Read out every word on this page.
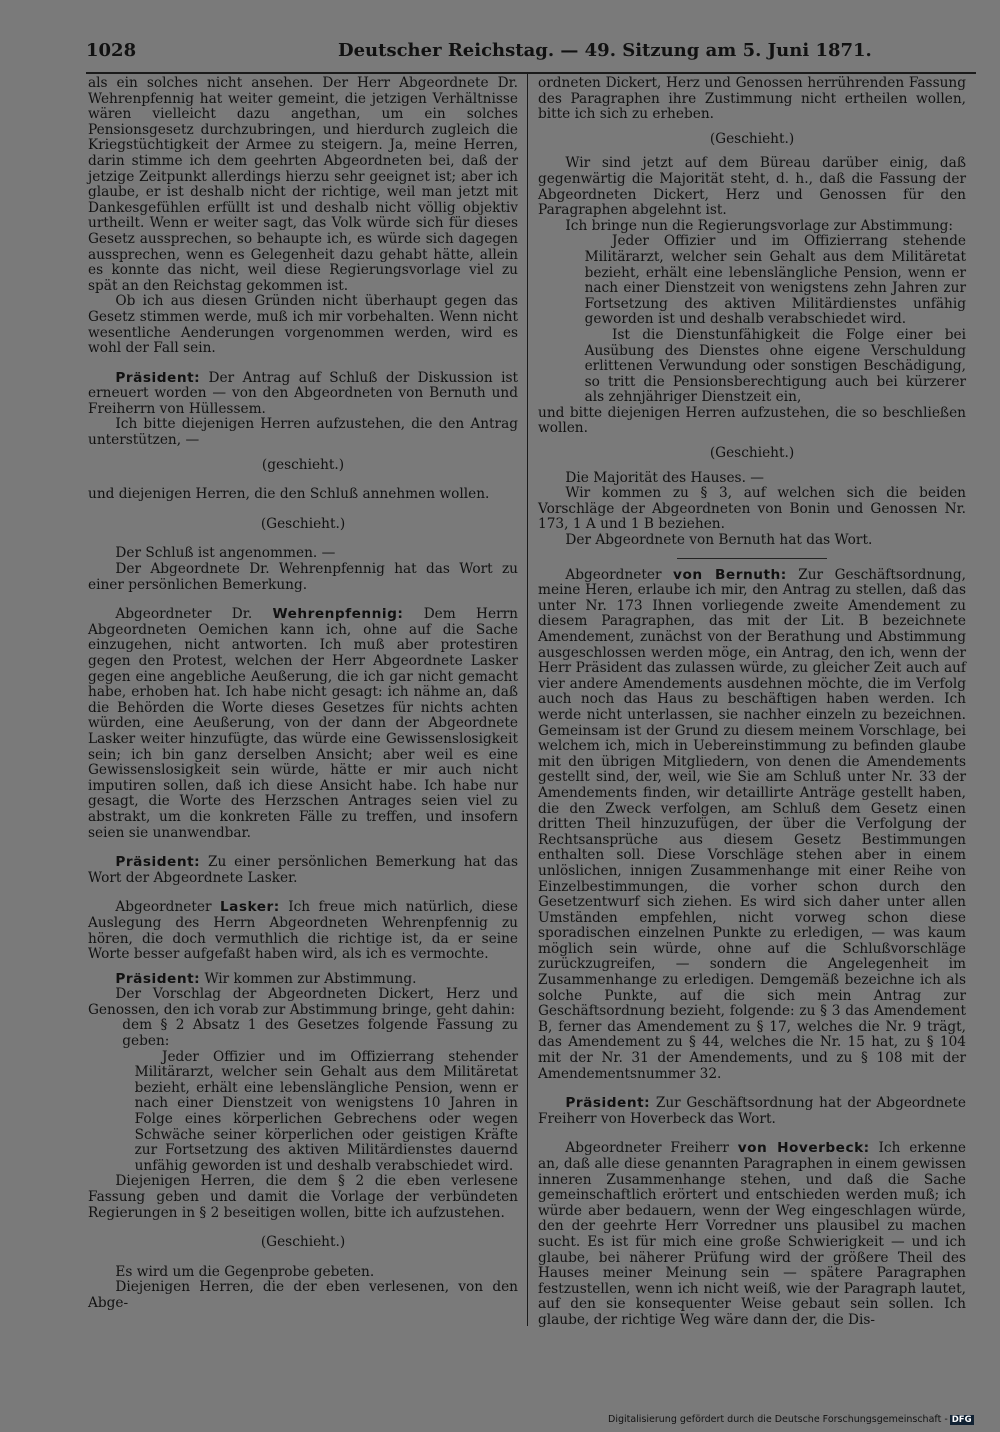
1028	Deutscher Reichstag. — 49. Sitzung am 5. Juni 1871.

als ein solches nicht ansehen. Der Herr Abgeordnete Dr. Wehrenpfennig hat weiter gemeint, die jetzigen Verhältnisse wären vielleicht dazu angethan, um ein solches Pensionsgesetz durchzubringen, und hierdurch zugleich die Kriegstüchtigkeit der Armee zu steigern. Ja, meine Herren, darin stimme ich dem geehrten Abgeordneten bei, daß der jetzige Zeitpunkt allerdings hierzu sehr geeignet ist; aber ich glaube, er ist deshalb nicht der richtige, weil man jetzt mit Dankesgefühlen erfüllt ist und deshalb nicht völlig objektiv urtheilt. Wenn er weiter sagt, das Volk würde sich für dieses Gesetz aussprechen, so behaupte ich, es würde sich dagegen aussprechen, wenn es Gelegenheit dazu gehabt hätte, allein es konnte das nicht, weil diese Regierungsvorlage viel zu spät an den Reichstag gekommen ist.

Ob ich aus diesen Gründen nicht überhaupt gegen das Gesetz stimmen werde, muß ich mir vorbehalten. Wenn nicht wesentliche Aenderungen vorgenommen werden, wird es wohl der Fall sein.

Präsident: Der Antrag auf Schluß der Diskussion ist erneuert worden — von den Abgeordneten von Bernuth und Freiherrn von Hüllessem.

Ich bitte diejenigen Herren aufzustehen, die den Antrag unterstützen, —

(geschieht.)

und diejenigen Herren, die den Schluß annehmen wollen.

(Geschieht.)

Der Schluß ist angenommen. —

Der Abgeordnete Dr. Wehrenpfennig hat das Wort zu einer persönlichen Bemerkung.

Abgeordneter Dr. Wehrenpfennig: Dem Herrn Abgeordneten Oemichen kann ich, ohne auf die Sache einzugehen, nicht antworten. Ich muß aber protestiren gegen den Protest, welchen der Herr Abgeordnete Lasker gegen eine angebliche Aeußerung, die ich gar nicht gemacht habe, erhoben hat. Ich habe nicht gesagt: ich nähme an, daß die Behörden die Worte dieses Gesetzes für nichts achten würden, eine Aeußerung, von der dann der Abgeordnete Lasker weiter hinzufügte, das würde eine Gewissenslosigkeit sein; ich bin ganz derselben Ansicht; aber weil es eine Gewissenslosigkeit sein würde, hätte er mir auch nicht imputiren sollen, daß ich diese Ansicht habe. Ich habe nur gesagt, die Worte des Herzschen Antrages seien viel zu abstrakt, um die konkreten Fälle zu treffen, und insofern seien sie unanwendbar.

Präsident: Zu einer persönlichen Bemerkung hat das Wort der Abgeordnete Lasker.

Abgeordneter Lasker: Ich freue mich natürlich, diese Auslegung des Herrn Abgeordneten Wehrenpfennig zu hören, die doch vermuthlich die richtige ist, da er seine Worte besser aufgefaßt haben wird, als ich es vermochte.

Präsident: Wir kommen zur Abstimmung.

Der Vorschlag der Abgeordneten Dickert, Herz und Genossen, den ich vorab zur Abstimmung bringe, geht dahin:

dem § 2 Absatz 1 des Gesetzes folgende Fassung zu geben:

Jeder Offizier und im Offizierrang stehender Militärarzt, welcher sein Gehalt aus dem Militäretat bezieht, erhält eine lebenslängliche Pension, wenn er nach einer Dienstzeit von wenigstens 10 Jahren in Folge eines körperlichen Gebrechens oder wegen Schwäche seiner körperlichen oder geistigen Kräfte zur Fortsetzung des aktiven Militärdienstes dauernd unfähig geworden ist und deshalb verabschiedet wird.

Diejenigen Herren, die dem § 2 die eben verlesene Fassung geben und damit die Vorlage der verbündeten Regierungen in § 2 beseitigen wollen, bitte ich aufzustehen.

(Geschieht.)

Es wird um die Gegenprobe gebeten.

Diejenigen Herren, die der eben verlesenen, von den Abge-

ordneten Dickert, Herz und Genossen herrührenden Fassung des Paragraphen ihre Zustimmung nicht ertheilen wollen, bitte ich sich zu erheben.

(Geschieht.)

Wir sind jetzt auf dem Büreau darüber einig, daß gegenwärtig die Majorität steht, d. h., daß die Fassung der Abgeordneten Dickert, Herz und Genossen für den Paragraphen abgelehnt ist.

Ich bringe nun die Regierungsvorlage zur Abstimmung:

Jeder Offizier und im Offizierrang stehende Militärarzt, welcher sein Gehalt aus dem Militäretat bezieht, erhält eine lebenslängliche Pension, wenn er nach einer Dienstzeit von wenigstens zehn Jahren zur Fortsetzung des aktiven Militärdienstes unfähig geworden ist und deshalb verabschiedet wird.

Ist die Dienstunfähigkeit die Folge einer bei Ausübung des Dienstes ohne eigene Verschuldung erlittenen Verwundung oder sonstigen Beschädigung, so tritt die Pensionsberechtigung auch bei kürzerer als zehnjähriger Dienstzeit ein,

und bitte diejenigen Herren aufzustehen, die so beschließen wollen.

(Geschieht.)

Die Majorität des Hauses. —

Wir kommen zu § 3, auf welchen sich die beiden Vorschläge der Abgeordneten von Bonin und Genossen Nr. 173, 1 A und 1 B beziehen.

Der Abgeordnete von Bernuth hat das Wort.

Abgeordneter von Bernuth: Zur Geschäftsordnung, meine Heren, erlaube ich mir, den Antrag zu stellen, daß das unter Nr. 173 Ihnen vorliegende zweite Amendement zu diesem Paragraphen, das mit der Lit. B bezeichnete Amendement, zunächst von der Berathung und Abstimmung ausgeschlossen werden möge, ein Antrag, den ich, wenn der Herr Präsident das zulassen würde, zu gleicher Zeit auch auf vier andere Amendements ausdehnen möchte, die im Verfolg auch noch das Haus zu beschäftigen haben werden. Ich werde nicht unterlassen, sie nachher einzeln zu bezeichnen. Gemeinsam ist der Grund zu diesem meinem Vorschlage, bei welchem ich, mich in Uebereinstimmung zu befinden glaube mit den übrigen Mitgliedern, von denen die Amendements gestellt sind, der, weil, wie Sie am Schluß unter Nr. 33 der Amendements finden, wir detaillirte Anträge gestellt haben, die den Zweck verfolgen, am Schluß dem Gesetz einen dritten Theil hinzuzufügen, der über die Verfolgung der Rechtsansprüche aus diesem Gesetz Bestimmungen enthalten soll. Diese Vorschläge stehen aber in einem unlöslichen, innigen Zusammenhange mit einer Reihe von Einzelbestimmungen, die vorher schon durch den Gesetzentwurf sich ziehen. Es wird sich daher unter allen Umständen empfehlen, nicht vorweg schon diese sporadischen einzelnen Punkte zu erledigen, — was kaum möglich sein würde, ohne auf die Schlußvorschläge zurückzugreifen, — sondern die Angelegenheit im Zusammenhange zu erledigen. Demgemäß bezeichne ich als solche Punkte, auf die sich mein Antrag zur Geschäftsordnung bezieht, folgende: zu § 3 das Amendement B, ferner das Amendement zu § 17, welches die Nr. 9 trägt, das Amendement zu § 44, welches die Nr. 15 hat, zu § 104 mit der Nr. 31 der Amendements, und zu § 108 mit der Amendementsnummer 32.

Präsident: Zur Geschäftsordnung hat der Abgeordnete Freiherr von Hoverbeck das Wort.

Abgeordneter Freiherr von Hoverbeck: Ich erkenne an, daß alle diese genannten Paragraphen in einem gewissen inneren Zusammenhange stehen, und daß die Sache gemeinschaftlich erörtert und entschieden werden muß; ich würde aber bedauern, wenn der Weg eingeschlagen würde, den der geehrte Herr Vorredner uns plausibel zu machen sucht. Es ist für mich eine große Schwierigkeit — und ich glaube, bei näherer Prüfung wird der größere Theil des Hauses meiner Meinung sein — spätere Paragraphen festzustellen, wenn ich nicht weiß, wie der Paragraph lautet, auf den sie konsequenter Weise gebaut sein sollen. Ich glaube, der richtige Weg wäre dann der, die Dis-

Digitalisierung gefördert durch die Deutsche Forschungsgemeinschaft - DFG
